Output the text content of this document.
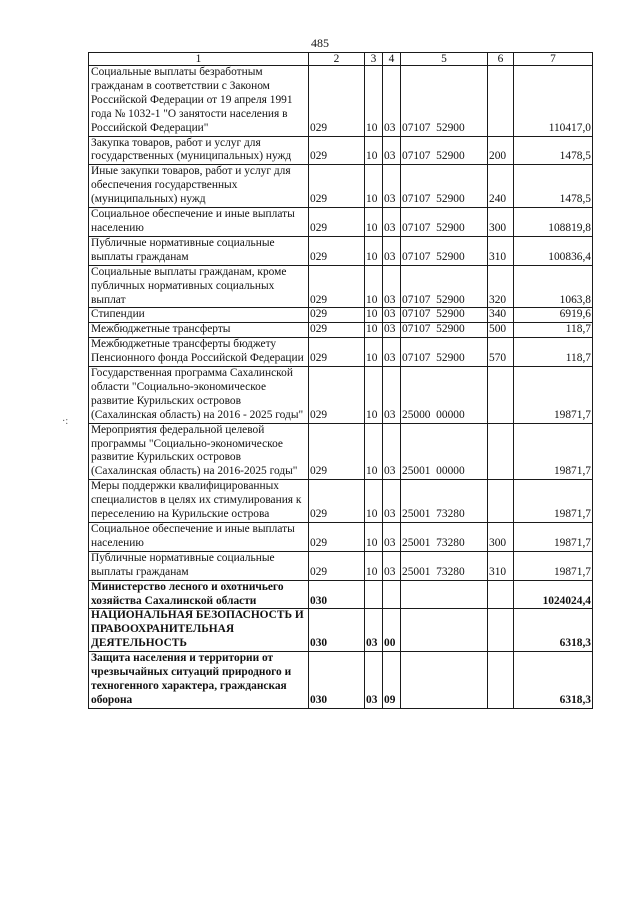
485
·:
1	2	3	4	5	6	7
Социальные выплаты безработным гражданам в соответствии с Законом Российской Федерации от 19 апреля 1991 года № 1032-1 "О занятости населения в Российской Федерации"	029	10	03	07107  52900		110417,0
Закупка товаров, работ и услуг для государственных (муниципальных) нужд	029	10	03	07107  52900	200	1478,5
Иные закупки товаров, работ и услуг для обеспечения государственных (муниципальных) нужд	029	10	03	07107  52900	240	1478,5
Социальное обеспечение и иные выплаты населению	029	10	03	07107  52900	300	108819,8
Публичные нормативные социальные выплаты гражданам	029	10	03	07107  52900	310	100836,4
Социальные выплаты гражданам, кроме публичных нормативных социальных выплат	029	10	03	07107  52900	320	1063,8
Стипендии	029	10	03	07107  52900	340	6919,6
Межбюджетные трансферты	029	10	03	07107  52900	500	118,7
Межбюджетные трансферты бюджету Пенсионного фонда Российской Федерации	029	10	03	07107  52900	570	118,7
Государственная программа Сахалинской области "Социально-экономическое развитие Курильских островов (Сахалинская область) на 2016 - 2025 годы"	029	10	03	25000  00000		19871,7
Мероприятия федеральной целевой программы "Социально-экономическое развитие Курильских островов (Сахалинская область) на 2016-2025 годы"	029	10	03	25001  00000		19871,7
Меры поддержки квалифицированных специалистов в целях их стимулирования к переселению на Курильские острова	029	10	03	25001  73280		19871,7
Социальное обеспечение и иные выплаты населению	029	10	03	25001  73280	300	19871,7
Публичные нормативные социальные выплаты гражданам	029	10	03	25001  73280	310	19871,7
Министерство лесного и охотничьего хозяйства Сахалинской области	030					1024024,4
НАЦИОНАЛЬНАЯ БЕЗОПАСНОСТЬ И ПРАВООХРАНИТЕЛЬНАЯ ДЕЯТЕЛЬНОСТЬ	030	03	00			6318,3
Защита населения и территории от чрезвычайных ситуаций природного и техногенного характера, гражданская оборона	030	03	09			6318,3
